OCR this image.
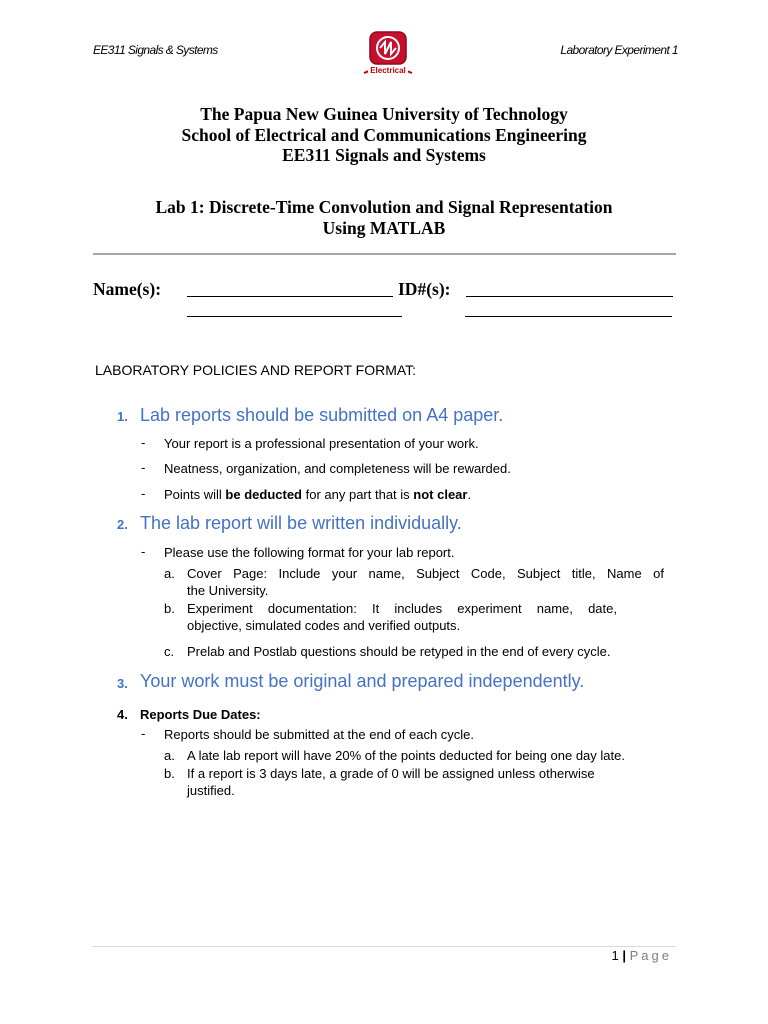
EE311 Signals & Systems	Laboratory Experiment 1
Electrical
The Papua New Guinea University of Technology
School of Electrical and Communications Engineering
EE311 Signals and Systems
Lab 1: Discrete-Time Convolution and Signal Representation
Using MATLAB
Name(s):	ID#(s):
LABORATORY POLICIES AND REPORT FORMAT:
1. Lab reports should be submitted on A4 paper.
- Your report is a professional presentation of your work.
- Neatness, organization, and completeness will be rewarded.
- Points will be deducted for any part that is not clear.
2. The lab report will be written individually.
- Please use the following format for your lab report.
a. Cover Page: Include your name, Subject Code, Subject title, Name of
the University.
b. Experiment documentation: It includes experiment name, date,
objective, simulated codes and verified outputs.
c. Prelab and Postlab questions should be retyped in the end of every cycle.
3. Your work must be original and prepared independently.
4. Reports Due Dates:
- Reports should be submitted at the end of each cycle.
a. A late lab report will have 20% of the points deducted for being one day late.
b. If a report is 3 days late, a grade of 0 will be assigned unless otherwise
justified.
1 | Page
